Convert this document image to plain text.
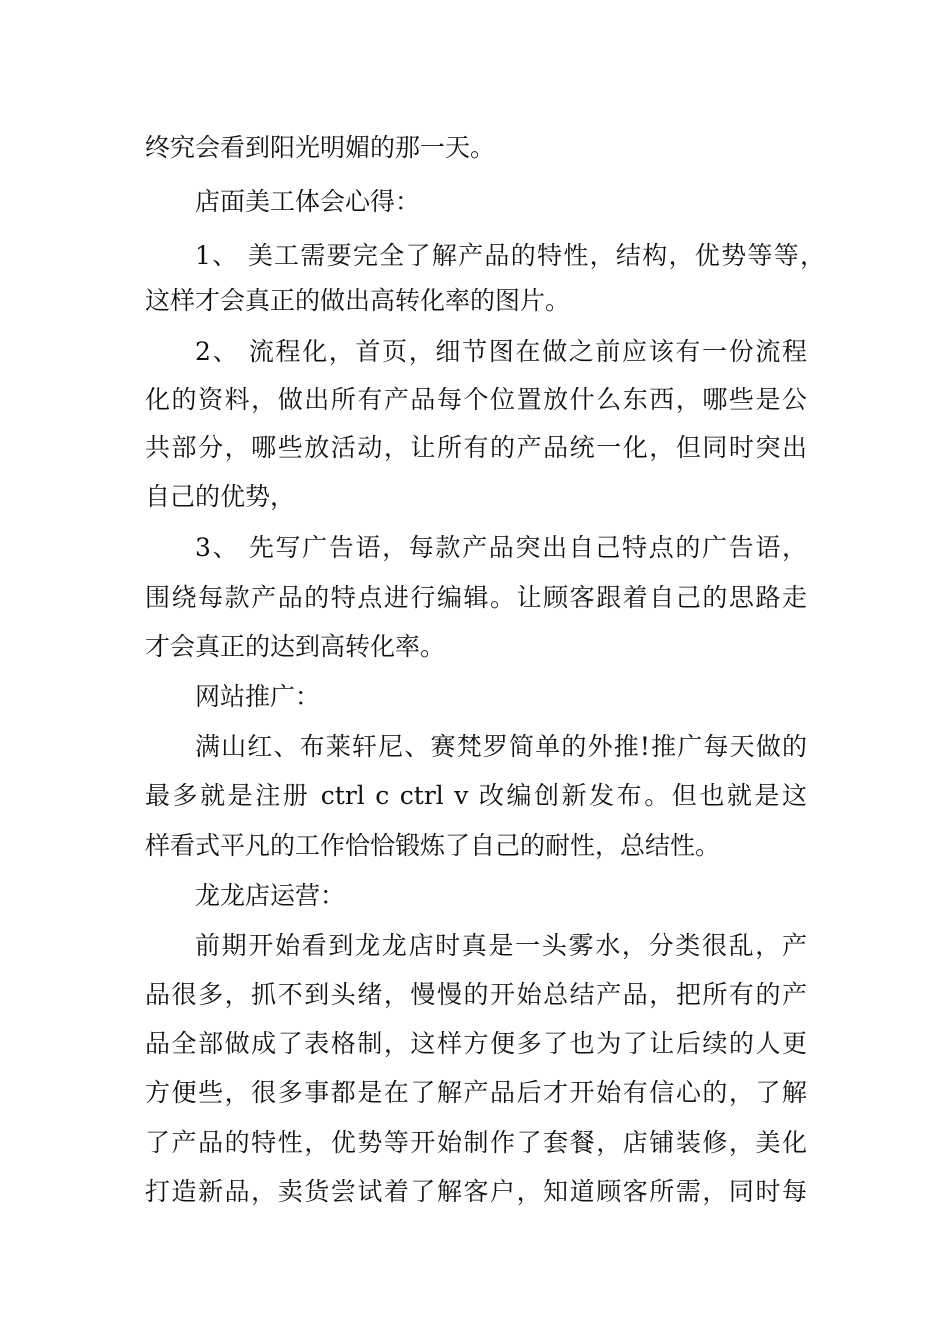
终究会看到阳光明媚的那一天。
店面美工体会心得：
1、 美工需要完全了解产品的特性，结构，优势等等，
这样才会真正的做出高转化率的图片。
2、 流程化，首页，细节图在做之前应该有一份流程
化的资料，做出所有产品每个位置放什么东西，哪些是公
共部分，哪些放活动，让所有的产品统一化，但同时突出
自己的优势，
3、 先写广告语，每款产品突出自己特点的广告语，
围绕每款产品的特点进行编辑。让顾客跟着自己的思路走
才会真正的达到高转化率。
网站推广：
满山红、布莱轩尼、赛梵罗简单的外推!推广每天做的
最多就是注册 ctrl c ctrl v 改编创新发布。但也就是这
样看式平凡的工作恰恰锻炼了自己的耐性，总结性。
龙龙店运营：
前期开始看到龙龙店时真是一头雾水，分类很乱，产
品很多，抓不到头绪，慢慢的开始总结产品，把所有的产
品全部做成了表格制，这样方便多了也为了让后续的人更
方便些，很多事都是在了解产品后才开始有信心的，了解
了产品的特性，优势等开始制作了套餐，店铺装修，美化
打造新品，卖货尝试着了解客户，知道顾客所需，同时每
